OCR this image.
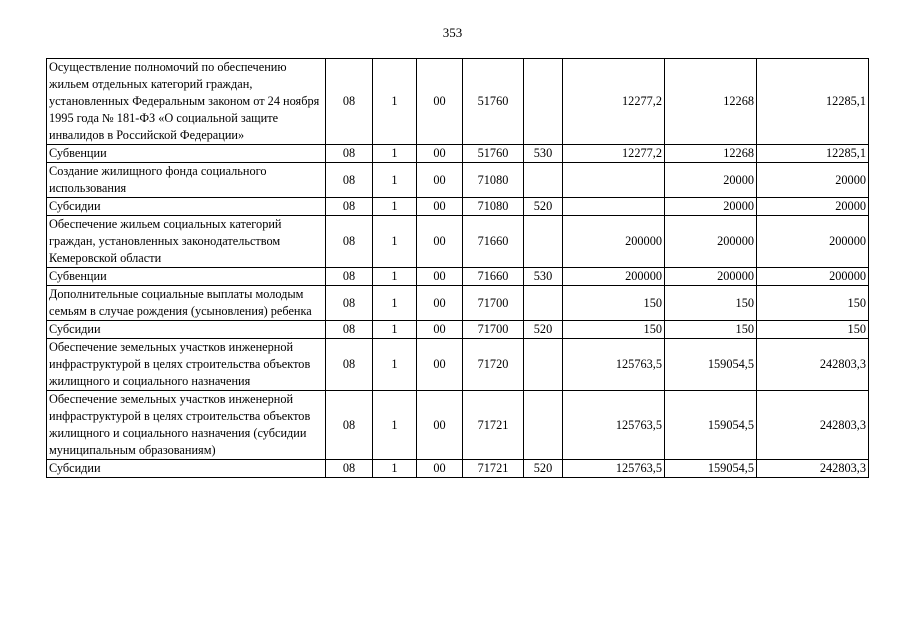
353
Осуществление полномочий по обеспечению жильем отдельных категорий граждан, установленных Федеральным законом от 24 ноября 1995 года № 181-ФЗ «О социальной защите инвалидов в Российской Федерации»	08	1	00	51760		12277,2	12268	12285,1
Субвенции	08	1	00	51760	530	12277,2	12268	12285,1
Создание жилищного фонда социального использования	08	1	00	71080			20000	20000
Субсидии	08	1	00	71080	520		20000	20000
Обеспечение жильем социальных категорий граждан, установленных законодательством Кемеровской области	08	1	00	71660		200000	200000	200000
Субвенции	08	1	00	71660	530	200000	200000	200000
Дополнительные социальные выплаты молодым семьям в случае рождения (усыновления) ребенка	08	1	00	71700		150	150	150
Субсидии	08	1	00	71700	520	150	150	150
Обеспечение земельных участков инженерной инфраструктурой в целях строительства объектов жилищного и социального назначения	08	1	00	71720		125763,5	159054,5	242803,3
Обеспечение земельных участков инженерной инфраструктурой в целях строительства объектов жилищного и социального назначения (субсидии муниципальным образованиям)	08	1	00	71721		125763,5	159054,5	242803,3
Субсидии	08	1	00	71721	520	125763,5	159054,5	242803,3
